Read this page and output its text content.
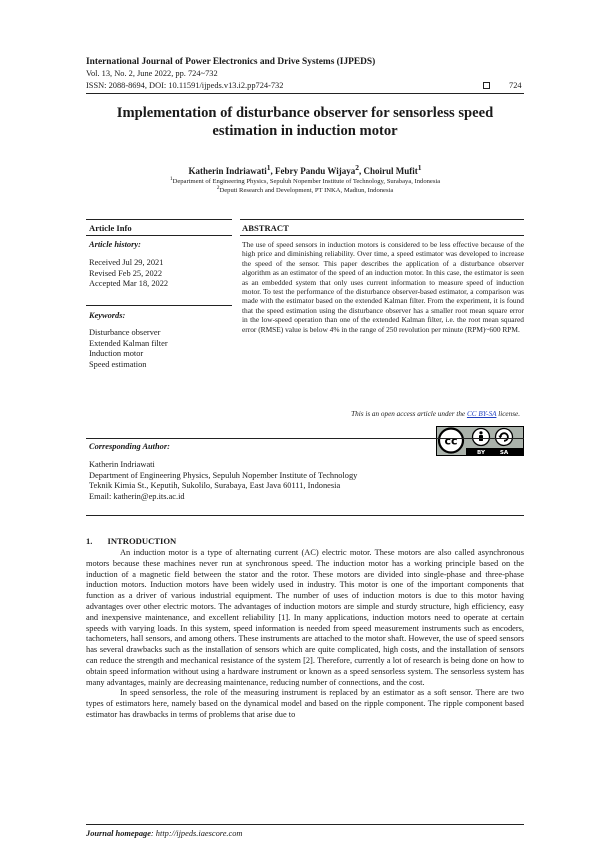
International Journal of Power Electronics and Drive Systems (IJPEDS)
Vol. 13, No. 2, June 2022, pp. 724~732
ISSN: 2088-8694, DOI: 10.11591/ijpeds.v13.i2.pp724-732	724
Implementation of disturbance observer for sensorless speed estimation in induction motor
Katherin Indriawati$^1$, Febry Pandu Wijaya$^2$, Choirul Mufit$^1$
$^1$Department of Engineering Physics, Sepuluh Nopember Institute of Technology, Surabaya, Indonesia
$^2$Deputi Research and Development, PT INKA, Madiun, Indonesia
Article Info
Article history:
Received Jul 29, 2021
Revised Feb 25, 2022
Accepted Mar 18, 2022
Keywords:
Disturbance observer
Extended Kalman filter
Induction motor
Speed estimation
ABSTRACT
The use of speed sensors in induction motors is considered to be less effective because of the high price and diminishing reliability. Over time, a speed estimator was developed to increase the speed of the sensor. This paper describes the application of a disturbance observer algorithm as an estimator of the speed of an induction motor. In this case, the estimator is seen as an embedded system that only uses current information to measure speed of induction motor. To test the performance of the disturbance observer-based estimator, a comparison was made with the estimator based on the extended Kalman filter. From the experiment, it is found that the speed estimation using the disturbance observer has a smaller root mean square error in the low-speed operation than one of the extended Kalman filter, i.e. the root mean squared error (RMSE) value is below 4% in the range of 250 revolution per minute (RPM)~600 RPM.
This is an open access article under the CC BY-SA license.
cc
BY	SA
Corresponding Author:
Katherin Indriawati
Department of Engineering Physics, Sepuluh Nopember Institute of Technology
Teknik Kimia St., Keputih, Sukolilo, Surabaya, East Java 60111, Indonesia
Email: katherin@ep.its.ac.id
1.       INTRODUCTION

An induction motor is a type of alternating current (AC) electric motor. These motors are also called asynchronous motors because these machines never run at synchronous speed. The induction motor has a working principle based on the induction of a magnetic field between the stator and the rotor. These motors are divided into single-phase and three-phase induction motors. Induction motors have been widely used in industry. This motor is one of the important components that function as a driver of various industrial equipment. The number of uses of induction motors is due to this motor having advantages over other electric motors. The advantages of induction motors are simple and sturdy structure, high efficiency, easy and inexpensive maintenance, and excellent reliability [1]. In many applications, induction motors need to operate at certain speeds with varying loads. In this system, speed information is needed from speed measurement instruments such as encoders, tachometers, hall sensors, and among others. These instruments are attached to the motor shaft. However, the use of speed sensors has several drawbacks such as the installation of sensors which are quite complicated, high costs, and the installation of sensors can reduce the strength and mechanical resistance of the system [2]. Therefore, currently a lot of research is being done on how to obtain speed information without using a hardware instrument or known as a speed sensorless system. The sensorless system has many advantages, mainly are decreasing maintenance, reducing number of connections, and the cost.

In speed sensorless, the role of the measuring instrument is replaced by an estimator as a soft sensor. There are two types of estimators here, namely based on the dynamical model and based on the ripple component. The ripple component based estimator has drawbacks in terms of problems that arise due to

Journal homepage: http://ijpeds.iaescore.com
